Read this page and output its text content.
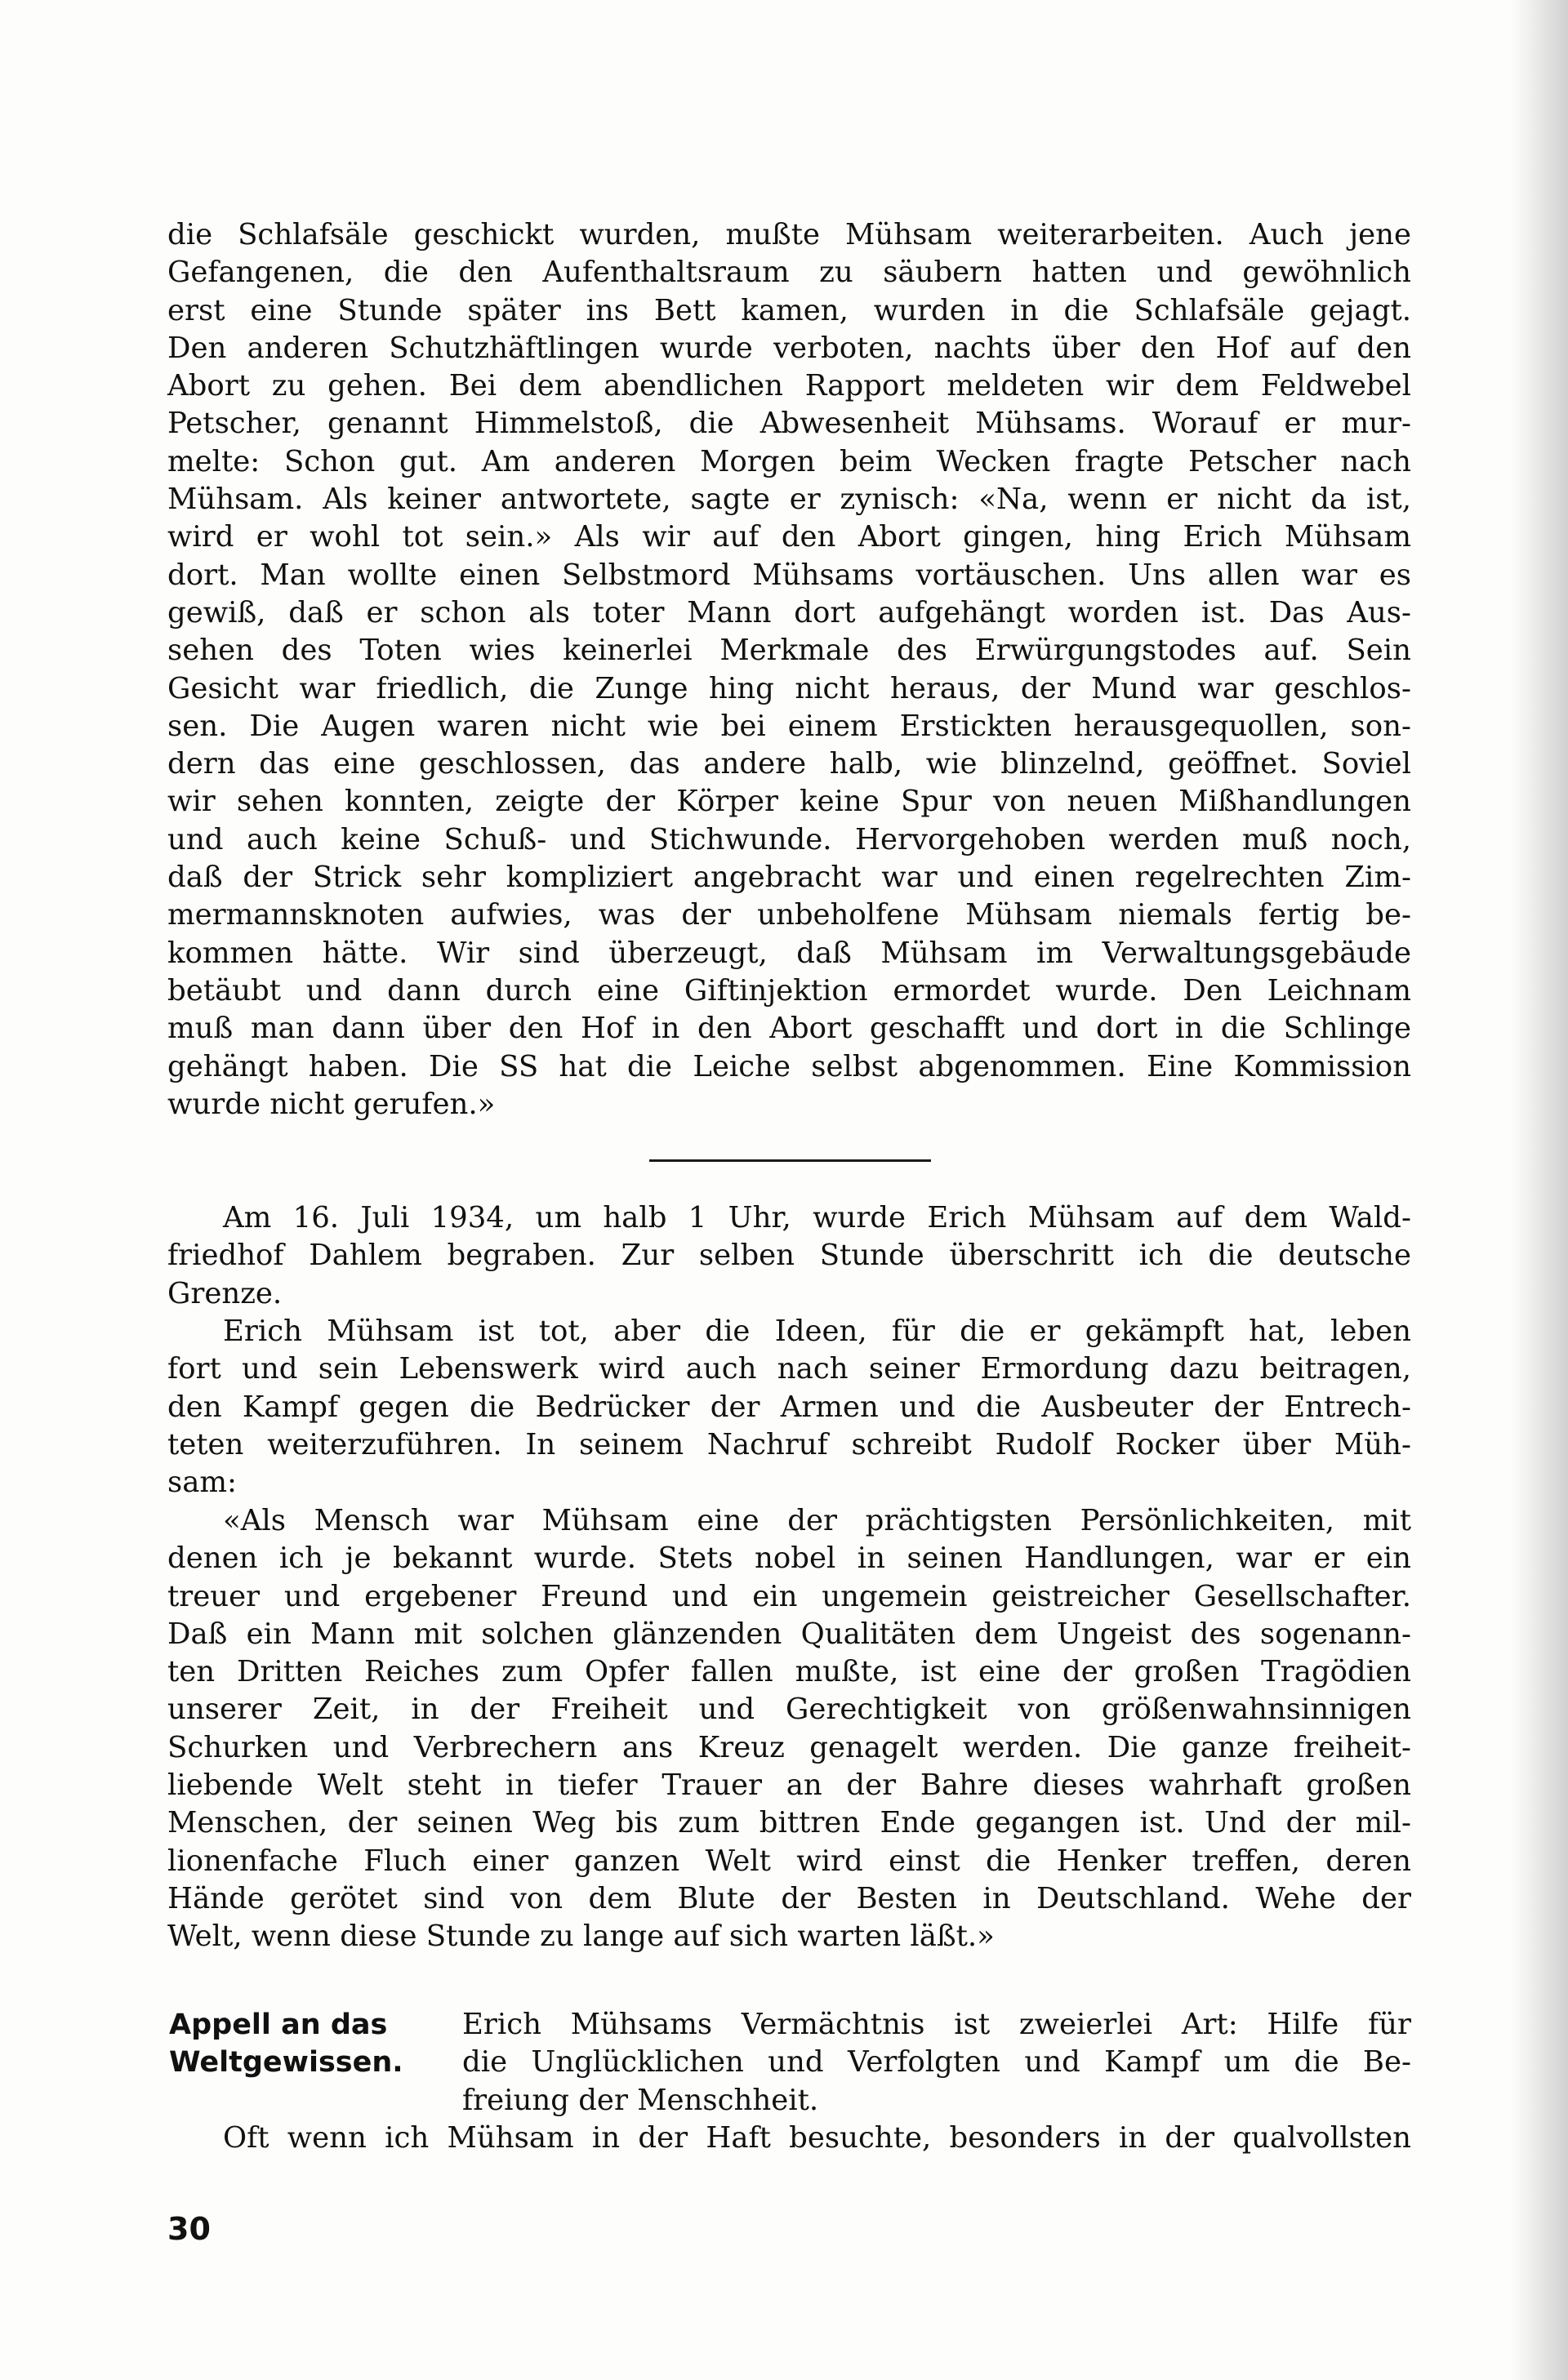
die Schlafsäle geschickt wurden, mußte Mühsam weiterarbeiten. Auch jene
Gefangenen, die den Aufenthaltsraum zu säubern hatten und gewöhnlich
erst eine Stunde später ins Bett kamen, wurden in die Schlafsäle gejagt.
Den anderen Schutzhäftlingen wurde verboten, nachts über den Hof auf den
Abort zu gehen. Bei dem abendlichen Rapport meldeten wir dem Feldwebel
Petscher, genannt Himmelstoß, die Abwesenheit Mühsams. Worauf er mur-
melte: Schon gut. Am anderen Morgen beim Wecken fragte Petscher nach
Mühsam. Als keiner antwortete, sagte er zynisch: «Na, wenn er nicht da ist,
wird er wohl tot sein.» Als wir auf den Abort gingen, hing Erich Mühsam
dort. Man wollte einen Selbstmord Mühsams vortäuschen. Uns allen war es
gewiß, daß er schon als toter Mann dort aufgehängt worden ist. Das Aus-
sehen des Toten wies keinerlei Merkmale des Erwürgungstodes auf. Sein
Gesicht war friedlich, die Zunge hing nicht heraus, der Mund war geschlos-
sen. Die Augen waren nicht wie bei einem Erstickten herausgequollen, son-
dern das eine geschlossen, das andere halb, wie blinzelnd, geöffnet. Soviel
wir sehen konnten, zeigte der Körper keine Spur von neuen Mißhandlungen
und auch keine Schuß- und Stichwunde. Hervorgehoben werden muß noch,
daß der Strick sehr kompliziert angebracht war und einen regelrechten Zim-
mermannsknoten aufwies, was der unbeholfene Mühsam niemals fertig be-
kommen hätte. Wir sind überzeugt, daß Mühsam im Verwaltungsgebäude
betäubt und dann durch eine Giftinjektion ermordet wurde. Den Leichnam
muß man dann über den Hof in den Abort geschafft und dort in die Schlinge
gehängt haben. Die SS hat die Leiche selbst abgenommen. Eine Kommission
wurde nicht gerufen.»
Am 16. Juli 1934, um halb 1 Uhr, wurde Erich Mühsam auf dem Wald-
friedhof Dahlem begraben. Zur selben Stunde überschritt ich die deutsche
Grenze.
Erich Mühsam ist tot, aber die Ideen, für die er gekämpft hat, leben
fort und sein Lebenswerk wird auch nach seiner Ermordung dazu beitragen,
den Kampf gegen die Bedrücker der Armen und die Ausbeuter der Entrech-
teten weiterzuführen. In seinem Nachruf schreibt Rudolf Rocker über Müh-
sam:
«Als Mensch war Mühsam eine der prächtigsten Persönlichkeiten, mit
denen ich je bekannt wurde. Stets nobel in seinen Handlungen, war er ein
treuer und ergebener Freund und ein ungemein geistreicher Gesellschafter.
Daß ein Mann mit solchen glänzenden Qualitäten dem Ungeist des sogenann-
ten Dritten Reiches zum Opfer fallen mußte, ist eine der großen Tragödien
unserer Zeit, in der Freiheit und Gerechtigkeit von größenwahnsinnigen
Schurken und Verbrechern ans Kreuz genagelt werden. Die ganze freiheit-
liebende Welt steht in tiefer Trauer an der Bahre dieses wahrhaft großen
Menschen, der seinen Weg bis zum bittren Ende gegangen ist. Und der mil-
lionenfache Fluch einer ganzen Welt wird einst die Henker treffen, deren
Hände gerötet sind von dem Blute der Besten in Deutschland. Wehe der
Welt, wenn diese Stunde zu lange auf sich warten läßt.»
Appell an das
Weltgewissen.
Erich Mühsams Vermächtnis ist zweierlei Art: Hilfe für
die Unglücklichen und Verfolgten und Kampf um die Be-
freiung der Menschheit.
Oft wenn ich Mühsam in der Haft besuchte, besonders in der qualvollsten
30
